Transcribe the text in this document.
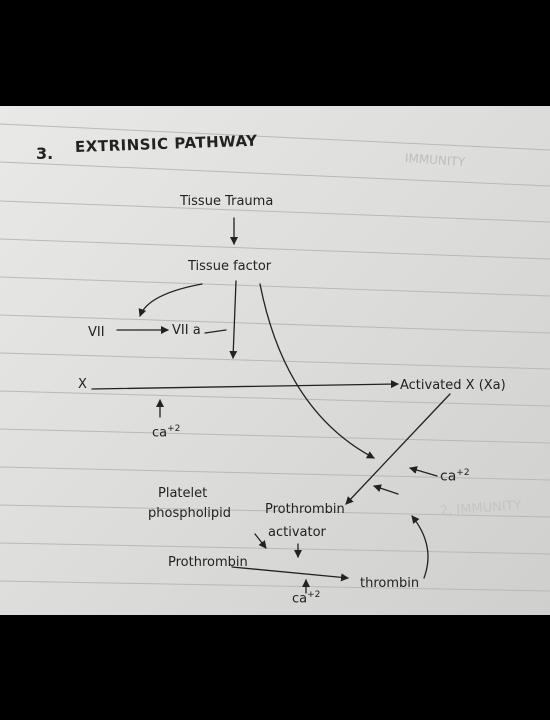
IMMUNITY
2. IMMUNITY
3. EXTRINSIC PATHWAY
Tissue Trauma
Tissue factor
VII	VII a
X	Activated X (Xa)
$ca^{+2}$
$ca^{+2}$
Platelet
phospholipid	Prothrombin
activator
Prothrombin
thrombin
$ca^{+2}$
